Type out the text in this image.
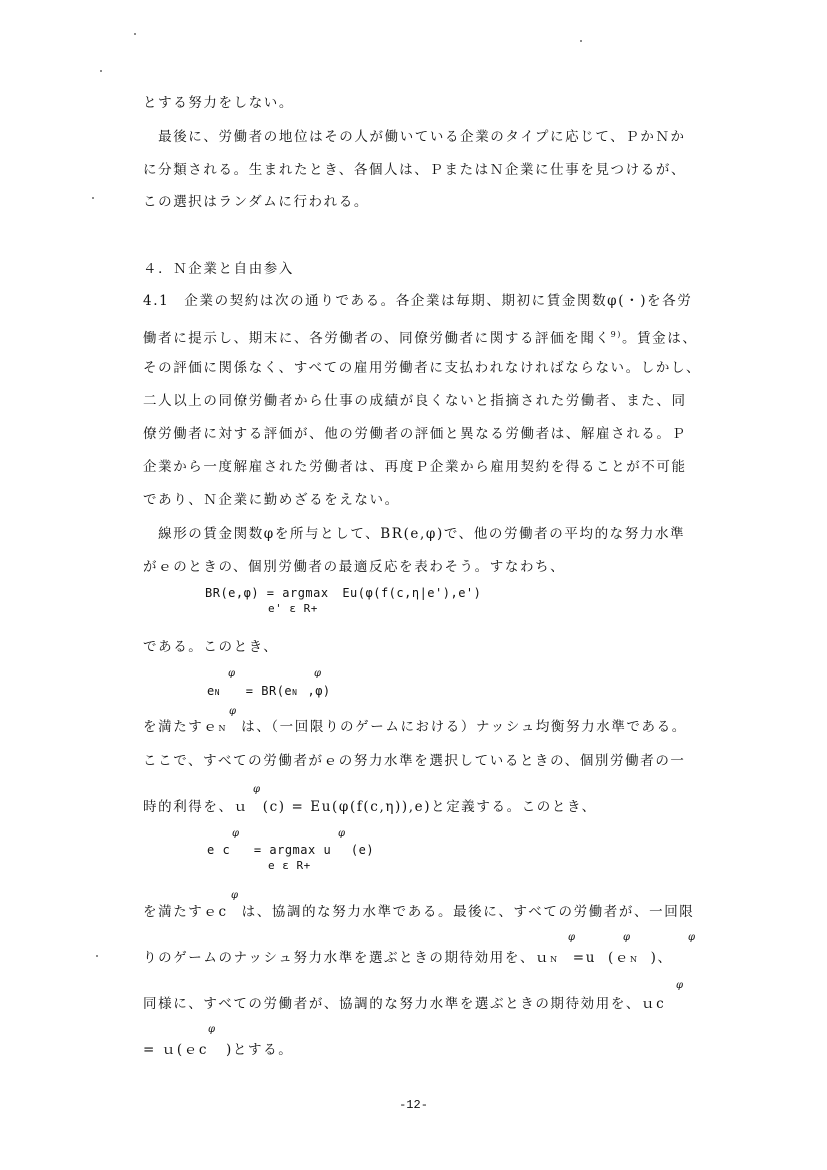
とする努力をしない。
　最後に、労働者の地位はその人が働いている企業のタイプに応じて、ＰかＮか
に分類される。生まれたとき、各個人は、ＰまたはＮ企業に仕事を見つけるが、
この選択はランダムに行われる。
４．Ｎ企業と自由参入
4.1　企業の契約は次の通りである。各企業は毎期、期初に賃金関数φ(・)を各労
働者に提示し、期末に、各労働者の、同僚労働者に関する評価を聞く$^{9)}$。賃金は、
その評価に関係なく、すべての雇用労働者に支払われなければならない。しかし、
二人以上の同僚労働者から仕事の成績が良くないと指摘された労働者、また、同
僚労働者に対する評価が、他の労働者の評価と異なる労働者は、解雇される。Ｐ
企業から一度解雇された労働者は、再度Ｐ企業から雇用契約を得ることが不可能
であり、Ｎ企業に勤めざるをえない。
　線形の賃金関数φを所与として、BR(e,φ)で、他の労働者の平均的な努力水準
がｅのときの、個別労働者の最適反応を表わそう。すなわち、
BR(e,φ) = argmax Eu(φ(f(c,η|e'),e')
e' ε R+
である。このとき、
eN = BR(eN ,φ)
φ	φ
を満たすｅN は、（一回限りのゲームにおける）ナッシュ均衡努力水準である。
φ
ここで、すべての労働者がｅの努力水準を選択しているときの、個別労働者の一
時的利得を、ｕ (c) = Eu(φ(f(c,η)),e)と定義する。このとき、
φ
e c = argmax u (e)
φ	φ
e ε R+
を満たすｅc は、協調的な努力水準である。最後に、すべての労働者が、一回限
φ
りのゲームのナッシュ努力水準を選ぶときの期待効用を、ｕN =u (ｅN )、
φ	φ	φ
同様に、すべての労働者が、協調的な努力水準を選ぶときの期待効用を、ｕc
φ
= ｕ(ｅc )とする。
φ
-12-
